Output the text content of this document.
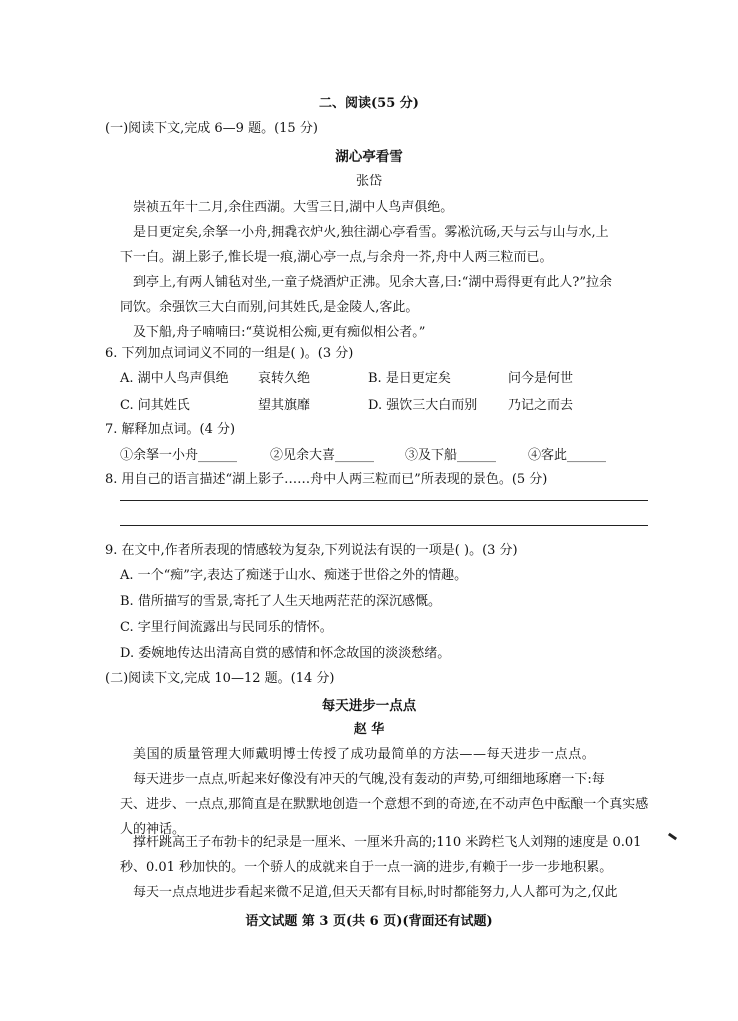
二、阅读(55 分)
(一)阅读下文,完成 6—9 题。(15 分)
湖心亭看雪
张岱
崇祯五年十二月,余住西湖。大雪三日,湖中人鸟声俱绝。
是日更定矣,余拏一小舟,拥毳衣炉火,独往湖心亭看雪。雾凇沆砀,天与云与山与水,上
下一白。湖上影子,惟长堤一痕,湖心亭一点,与余舟一芥,舟中人两三粒而已。
到亭上,有两人铺毡对坐,一童子烧酒炉正沸。见余大喜,曰:“湖中焉得更有此人?”拉余
同饮。余强饮三大白而别,问其姓氏,是金陵人,客此。
及下船,舟子喃喃曰:“莫说相公痴,更有痴似相公者。”
6. 下列加点词词义不同的一组是( )。(3 分)
A. 湖中人鸟声俱绝 哀转久绝	B. 是日更定矣	问今是何世
C. 问其姓氏	望其旗靡	D. 强饮三大白而别 乃记之而去
7. 解释加点词。(4 分)
①余拏一小舟______	②见余大喜______ ③及下船______ ④客此______
8. 用自己的语言描述“湖上影子……舟中人两三粒而已”所表现的景色。(5 分)
9. 在文中,作者所表现的情感较为复杂,下列说法有误的一项是( )。(3 分)
A. 一个“痴”字,表达了痴迷于山水、痴迷于世俗之外的情趣。
B. 借所描写的雪景,寄托了人生天地两茫茫的深沉感慨。
C. 字里行间流露出与民同乐的情怀。
D. 委婉地传达出清高自赏的感情和怀念故国的淡淡愁绪。
(二)阅读下文,完成 10—12 题。(14 分)
每天进步一点点
赵 华
美国的质量管理大师戴明博士传授了成功最简单的方法——每天进步一点点。
每天进步一点点,听起来好像没有冲天的气魄,没有轰动的声势,可细细地琢磨一下:每
天、进步、一点点,那简直是在默默地创造一个意想不到的奇迹,在不动声色中酝酿一个真实感
人的神话。
撑杆跳高王子布勃卡的纪录是一厘米、一厘米升高的;110 米跨栏飞人刘翔的速度是 0.01
秒、0.01 秒加快的。一个骄人的成就来自于一点一滴的进步,有赖于一步一步地积累。
每天一点点地进步看起来微不足道,但天天都有目标,时时都能努力,人人都可为之,仅此
语文试题 第 3 页(共 6 页)(背面还有试题)
